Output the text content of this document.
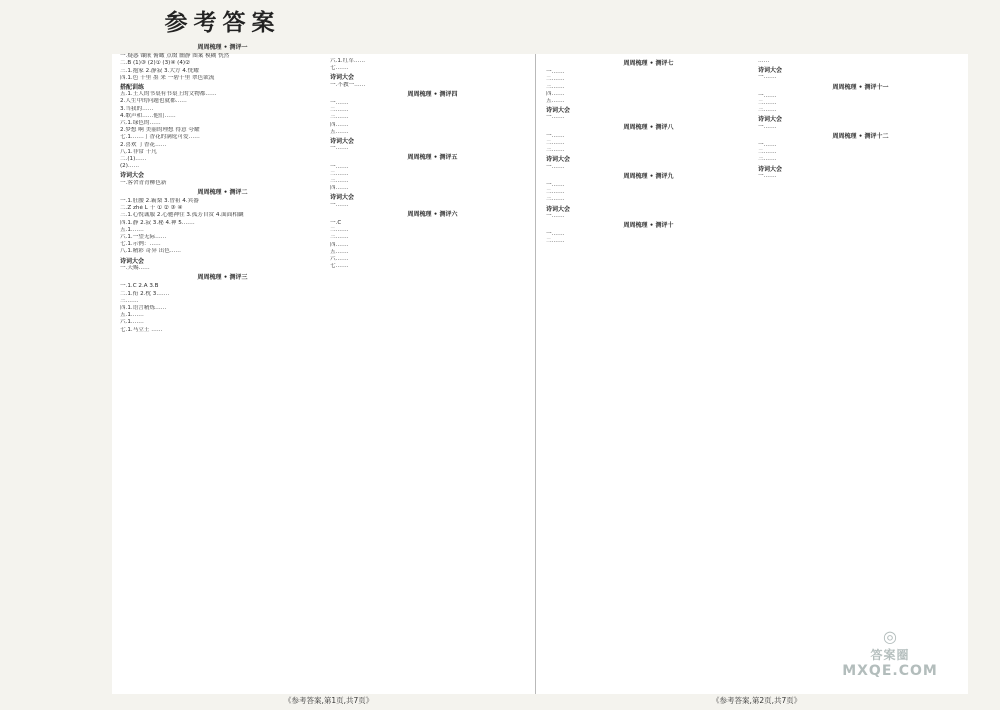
参考答案
周周梳理 • 测评一
一.疑惑 镶嵌 俯瞰 点缀 幽静 图案 模糊 恍然
二.B (1)③ (2)① (3)④ (4)②
三.1.抱家 2.静寂 3.大方 4.恍耀
四.1.色 千里 墨 来 一碧千里 翠色欲流
搭配训练
五.1.王人的书桌有书桌上的文物都……
2.人生中的问题也就都……
3.当我的……
4.歌声和……他们……
六.1.绿色的……
2.梦想 啊 美丽的理想 得意 夸耀
七.1.……丁香花的满庭可爱……
2.喜欢 丁香花……
八.1.非常 千凡
二.(1)……
(2)……
诗词大会
一.客舍青青柳色新
周周梳理 • 测评二
一.1.肚腰 2.霸梨 3.曾祖 4.宾器
二.Z zhé L 十 ① ② ③ ④
三.1.心悦诚服 2.心驰神往 3.孤芳自赏 4.面面相觑
四.1.静 2.寂 3.秘 4.神 5.……
五.1.……
六.1.一望无际……
七.1.示例：……
八.1.精彩 奇异 出色……
诗词大会
一.天赐……
周周梳理 • 测评三
一.1.C 2.A 3.B
二.1.衔 2.枕 3.……
三.……
四.1.语言精炼……
五.1.……
六.1.……
七.1.马立王 ……
六.1.红军……
七.……
诗词大会
一.不教一……
周周梳理 • 测评四
一.……
二.……
三.……
四.……
五.……
诗词大会
一.……
周周梳理 • 测评五
一.……
二.……
三.……
四.……
诗词大会
一.……
周周梳理 • 测评六
一.C
二.……
三.……
四.……
五.……
六.……
七.……
周周梳理 • 测评七
一.……
二.……
三.……
四.……
五.……
诗词大会
一.……
周周梳理 • 测评八
一.……
二.……
三.……
诗词大会
一.……
周周梳理 • 测评九
一.……
二.……
三.……
诗词大会
一.……
周周梳理 • 测评十
一.……
二.……
……
诗词大会
一.……
周周梳理 • 测评十一
一.……
二.……
三.……
诗词大会
一.……
周周梳理 • 测评十二
一.……
二.……
三.……
诗词大会
一.……
《参考答案,第1页,共7页》	《参考答案,第2页,共7页》
◎
答案圈
MXQE.COM
